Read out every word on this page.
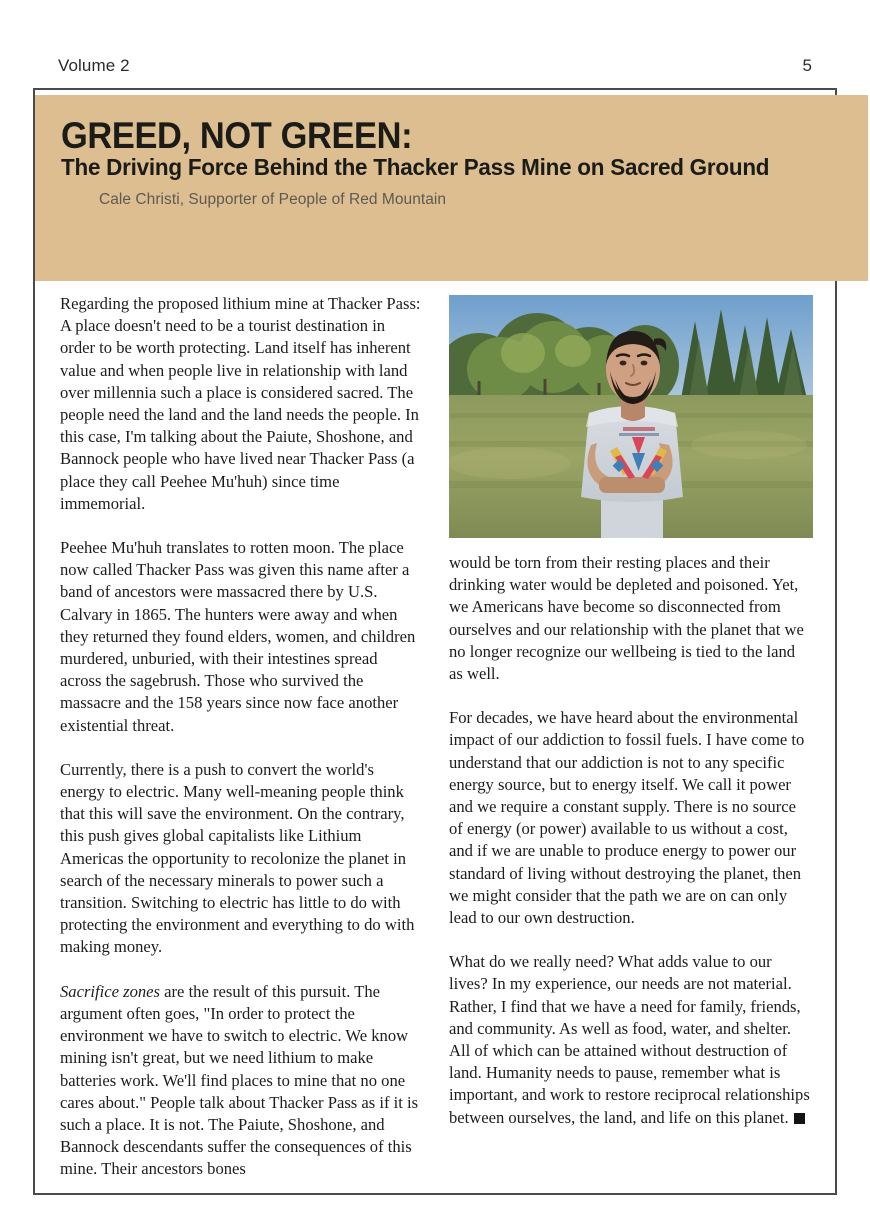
Volume 2	5
GREED, NOT GREEN:
The Driving Force Behind the Thacker Pass Mine on Sacred Ground
Cale Christi, Supporter of People of Red Mountain

Regarding the proposed lithium mine at Thacker Pass: A place doesn't need to be a tourist destination in order to be worth protecting. Land itself has inherent value and when people live in relationship with land over millennia such a place is considered sacred. The people need the land and the land needs the people. In this case, I'm talking about the Paiute, Shoshone, and Bannock people who have lived near Thacker Pass (a place they call Peehee Mu'huh) since time immemorial.

Peehee Mu'huh translates to rotten moon. The place now called Thacker Pass was given this name after a band of ancestors were massacred there by U.S. Calvary in 1865. The hunters were away and when they returned they found elders, women, and children murdered, unburied, with their intestines spread across the sagebrush. Those who survived the massacre and the 158 years since now face another existential threat.

Currently, there is a push to convert the world's energy to electric. Many well-meaning people think that this will save the environment. On the contrary, this push gives global capitalists like Lithium Americas the opportunity to recolonize the planet in search of the necessary minerals to power such a transition. Switching to electric has little to do with protecting the environment and everything to do with making money.

Sacrifice zones are the result of this pursuit. The argument often goes, "In order to protect the environment we have to switch to electric. We know mining isn't great, but we need lithium to make batteries work. We'll find places to mine that no one cares about." People talk about Thacker Pass as if it is such a place. It is not. The Paiute, Shoshone, and Bannock descendants suffer the consequences of this mine. Their ancestors bones

would be torn from their resting places and their drinking water would be depleted and poisoned. Yet, we Americans have become so disconnected from ourselves and our relationship with the planet that we no longer recognize our wellbeing is tied to the land as well.

For decades, we have heard about the environmental impact of our addiction to fossil fuels. I have come to understand that our addiction is not to any specific energy source, but to energy itself. We call it power and we require a constant supply. There is no source of energy (or power) available to us without a cost, and if we are unable to produce energy to power our standard of living without destroying the planet, then we might consider that the path we are on can only lead to our own destruction.

What do we really need? What adds value to our lives? In my experience, our needs are not material. Rather, I find that we have a need for family, friends, and community. As well as food, water, and shelter. All of which can be attained without destruction of land. Humanity needs to pause, remember what is important, and work to restore reciprocal relationships between ourselves, the land, and life on this planet.
